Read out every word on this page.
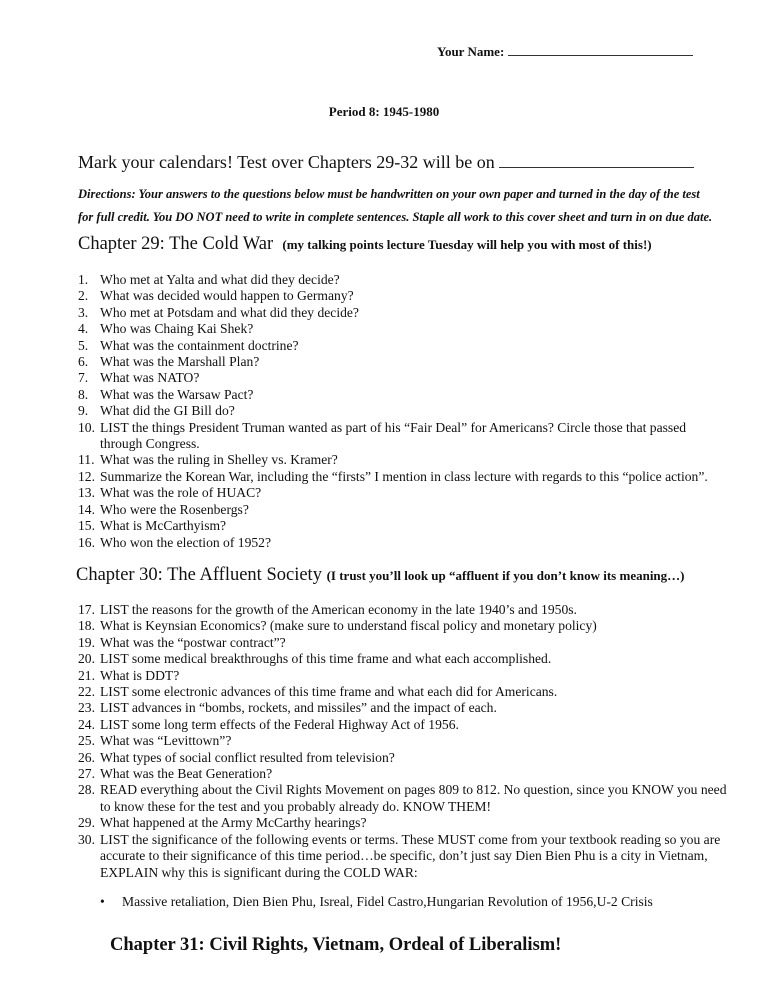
Your Name:
Period 8: 1945-1980
Mark your calendars! Test over Chapters 29-32 will be on
Directions: Your answers to the questions below must be handwritten on your own paper and turned in the day of the test for full credit. You DO NOT need to write in complete sentences. Staple all work to this cover sheet and turn in on due date.
Chapter 29: The Cold War (my talking points lecture Tuesday will help you with most of this!)
1. Who met at Yalta and what did they decide?
2. What was decided would happen to Germany?
3. Who met at Potsdam and what did they decide?
4. Who was Chaing Kai Shek?
5. What was the containment doctrine?
6. What was the Marshall Plan?
7. What was NATO?
8. What was the Warsaw Pact?
9. What did the GI Bill do?
10. LIST the things President Truman wanted as part of his “Fair Deal” for Americans? Circle those that passed through Congress.
11. What was the ruling in Shelley vs. Kramer?
12. Summarize the Korean War, including the “firsts” I mention in class lecture with regards to this “police action”.
13. What was the role of HUAC?
14. Who were the Rosenbergs?
15. What is McCarthyism?
16. Who won the election of 1952?
Chapter 30: The Affluent Society (I trust you’ll look up “affluent if you don’t know its meaning…)
17. LIST the reasons for the growth of the American economy in the late 1940’s and 1950s.
18. What is Keynsian Economics? (make sure to understand fiscal policy and monetary policy)
19. What was the “postwar contract”?
20. LIST some medical breakthroughs of this time frame and what each accomplished.
21. What is DDT?
22. LIST some electronic advances of this time frame and what each did for Americans.
23. LIST advances in “bombs, rockets, and missiles” and the impact of each.
24. LIST some long term effects of the Federal Highway Act of 1956.
25. What was “Levittown”?
26. What types of social conflict resulted from television?
27. What was the Beat Generation?
28. READ everything about the Civil Rights Movement on pages 809 to 812. No question, since you KNOW you need to know these for the test and you probably already do. KNOW THEM!
29. What happened at the Army McCarthy hearings?
30. LIST the significance of the following events or terms. These MUST come from your textbook reading so you are accurate to their significance of this time period…be specific, don’t just say Dien Bien Phu is a city in Vietnam, EXPLAIN why this is significant during the COLD WAR:
• Massive retaliation, Dien Bien Phu, Isreal, Fidel Castro,Hungarian Revolution of 1956,U-2 Crisis
Chapter 31: Civil Rights, Vietnam, Ordeal of Liberalism!
